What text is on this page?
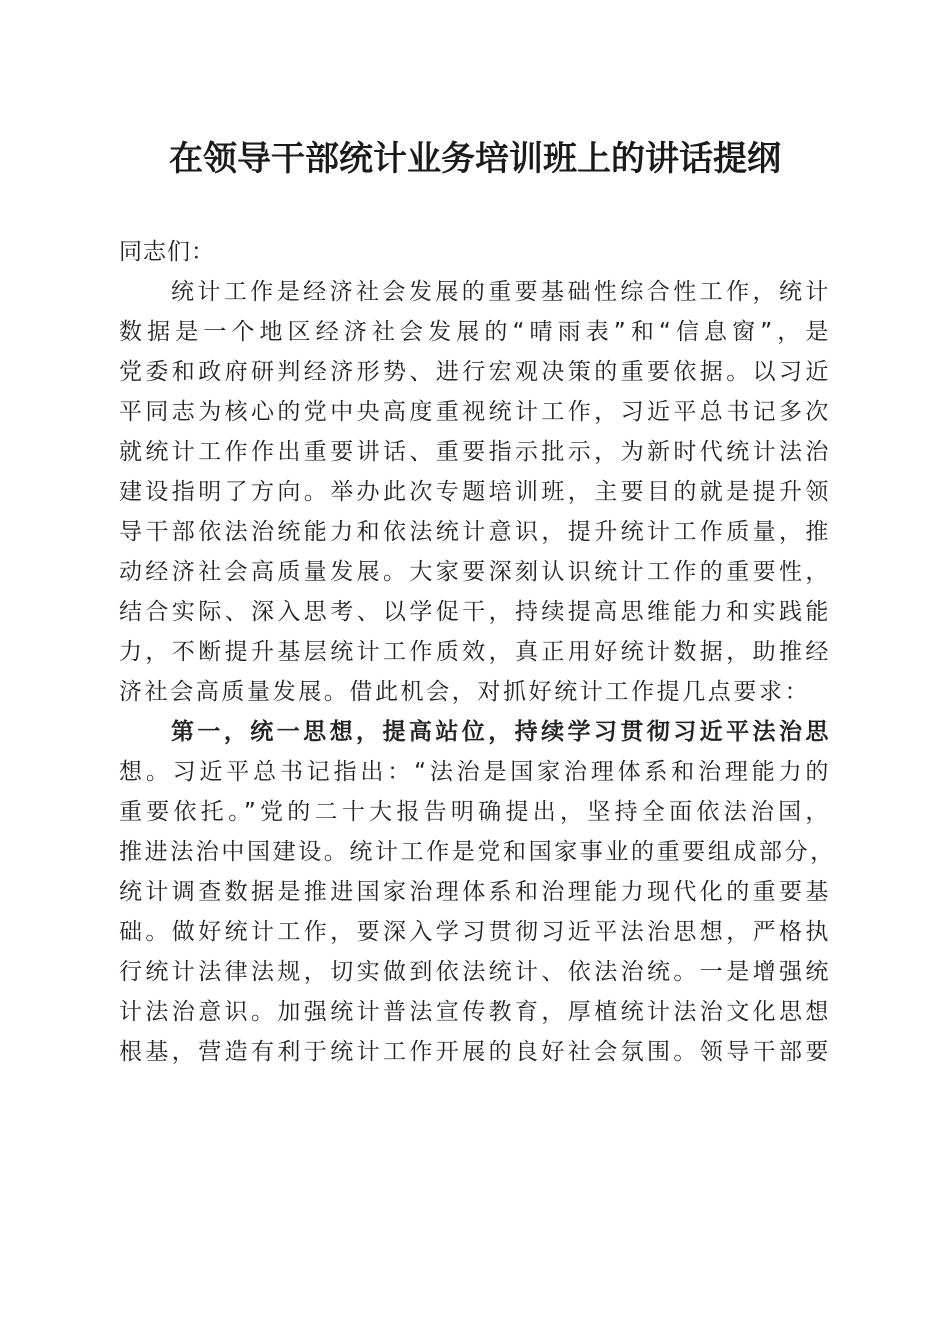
在领导干部统计业务培训班上的讲话提纲
同志们：
统计工作是经济社会发展的重要基础性综合性工作，统计
数据是一个地区经济社会发展的“晴雨表”和“信息窗”，是
党委和政府研判经济形势、进行宏观决策的重要依据。以习近
平同志为核心的党中央高度重视统计工作，习近平总书记多次
就统计工作作出重要讲话、重要指示批示，为新时代统计法治
建设指明了方向。举办此次专题培训班，主要目的就是提升领
导干部依法治统能力和依法统计意识，提升统计工作质量，推
动经济社会高质量发展。大家要深刻认识统计工作的重要性，
结合实际、深入思考、以学促干，持续提高思维能力和实践能
力，不断提升基层统计工作质效，真正用好统计数据，助推经
济社会高质量发展。借此机会，对抓好统计工作提几点要求：
第一，统一思想，提高站位，持续学习贯彻习近平法治思
想。习近平总书记指出：“法治是国家治理体系和治理能力的
重要依托。”党的二十大报告明确提出，坚持全面依法治国，
推进法治中国建设。统计工作是党和国家事业的重要组成部分，
统计调查数据是推进国家治理体系和治理能力现代化的重要基
础。做好统计工作，要深入学习贯彻习近平法治思想，严格执
行统计法律法规，切实做到依法统计、依法治统。一是增强统
计法治意识。加强统计普法宣传教育，厚植统计法治文化思想
根基，营造有利于统计工作开展的良好社会氛围。领导干部要
